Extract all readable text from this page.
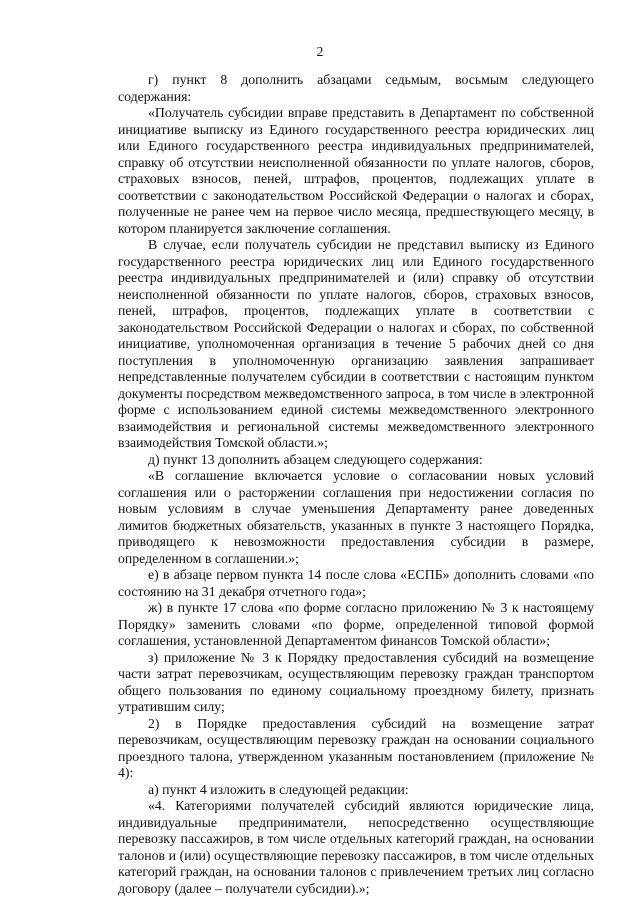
2

г) пункт 8 дополнить абзацами седьмым, восьмым следующего содержания:

«Получатель субсидии вправе представить в Департамент по собственной инициативе выписку из Единого государственного реестра юридических лиц или Единого государственного реестра индивидуальных предпринимателей, справку об отсутствии неисполненной обязанности по уплате налогов, сборов, страховых взносов, пеней, штрафов, процентов, подлежащих уплате в соответствии с законодательством Российской Федерации о налогах и сборах, полученные не ранее чем на первое число месяца, предшествующего месяцу, в котором планируется заключение соглашения.

В случае, если получатель субсидии не представил выписку из Единого государственного реестра юридических лиц или Единого государственного реестра индивидуальных предпринимателей и (или) справку об отсутствии неисполненной обязанности по уплате налогов, сборов, страховых взносов, пеней, штрафов, процентов, подлежащих уплате в соответствии с законодательством Российской Федерации о налогах и сборах, по собственной инициативе, уполномоченная организация в течение 5 рабочих дней со дня поступления в уполномоченную организацию заявления запрашивает непредставленные получателем субсидии в соответствии с настоящим пунктом документы посредством межведомственного запроса, в том числе в электронной форме с использованием единой системы межведомственного электронного взаимодействия и региональной системы межведомственного электронного взаимодействия Томской области.»;

д) пункт 13 дополнить абзацем следующего содержания:

«В соглашение включается условие о согласовании новых условий соглашения или о расторжении соглашения при недостижении согласия по новым условиям в случае уменьшения Департаменту ранее доведенных лимитов бюджетных обязательств, указанных в пункте 3 настоящего Порядка, приводящего к невозможности предоставления субсидии в размере, определенном в соглашении.»;

е) в абзаце первом пункта 14 после слова «ЕСПБ» дополнить словами «по состоянию на 31 декабря отчетного года»;

ж) в пункте 17 слова «по форме согласно приложению № 3 к настоящему Порядку» заменить словами «по форме, определенной типовой формой соглашения, установленной Департаментом финансов Томской области»;

з) приложение № 3 к Порядку предоставления субсидий на возмещение части затрат перевозчикам, осуществляющим перевозку граждан транспортом общего пользования по единому социальному проездному билету, признать утратившим силу;

2) в Порядке предоставления субсидий на возмещение затрат перевозчикам, осуществляющим перевозку граждан на основании социального проездного талона, утвержденном указанным постановлением (приложение № 4):

а) пункт 4 изложить в следующей редакции:

«4. Категориями получателей субсидий являются юридические лица, индивидуальные предприниматели, непосредственно осуществляющие перевозку пассажиров, в том числе отдельных категорий граждан, на основании талонов и (или) осуществляющие перевозку пассажиров, в том числе отдельных категорий граждан, на основании талонов с привлечением третьих лиц согласно договору (далее – получатели субсидии).»;
